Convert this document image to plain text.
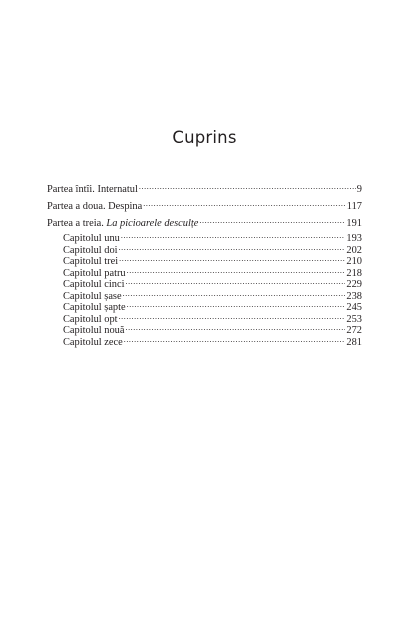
Cuprins
Partea întîi. Internatul .....	9
Partea a doua. Despina .....	117
Partea a treia. La picioarele desculțe .....	191
Capitolul unu .....	193
Capitolul doi .....	202
Capitolul trei .....	210
Capitolul patru .....	218
Capitolul cinci .....	229
Capitolul șase .....	238
Capitolul șapte .....	245
Capitolul opt .....	253
Capitolul nouă .....	272
Capitolul zece .....	281
